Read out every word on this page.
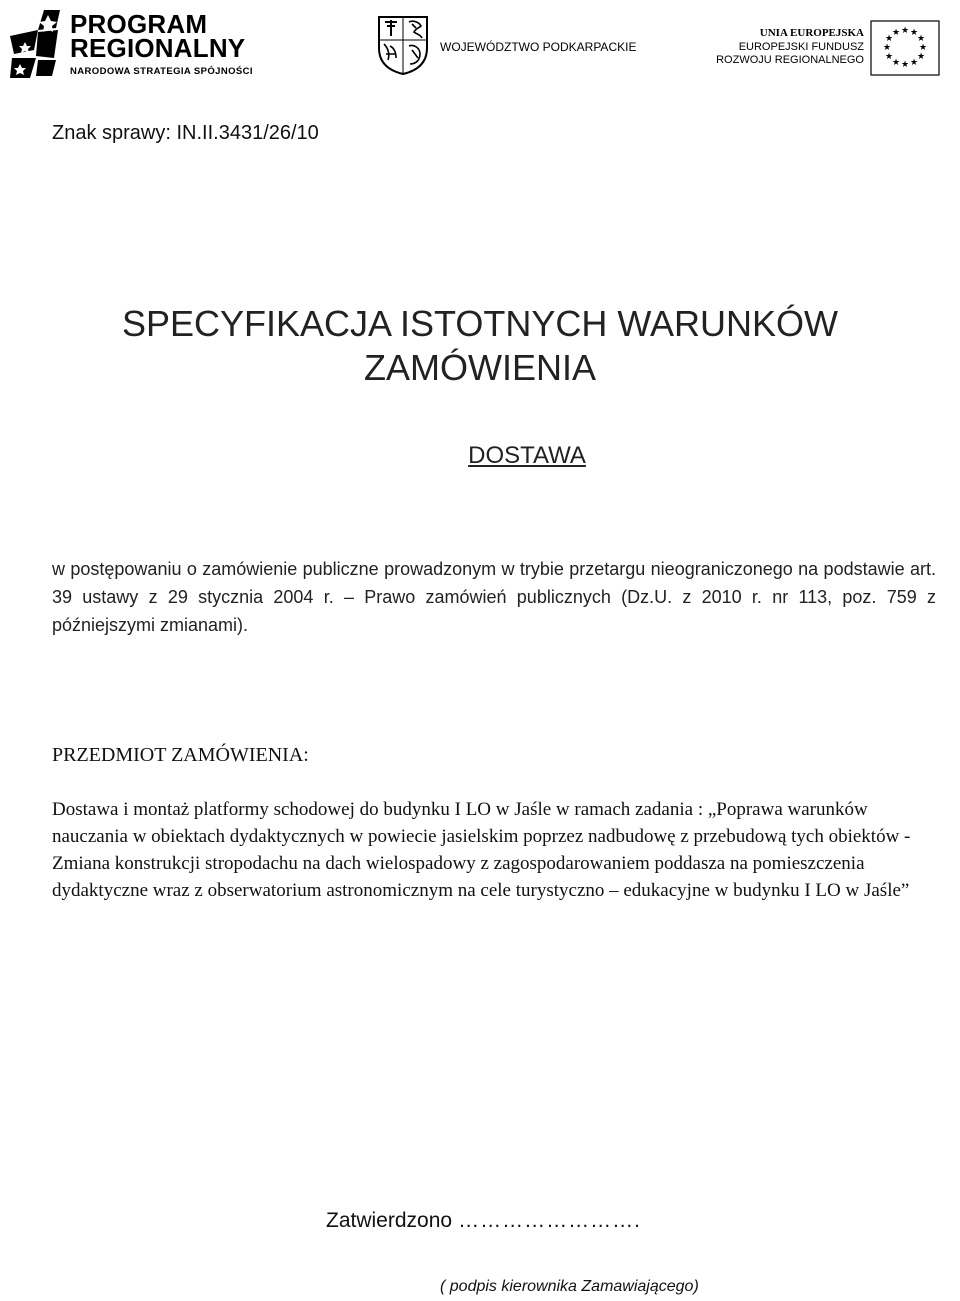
PROGRAM
REGIONALNY
NARODOWA STRATEGIA SPÓJNOŚCI
WOJEWÓDZTWO PODKARPACKIE
UNIA EUROPEJSKA
EUROPEJSKI FUNDUSZ
ROZWOJU REGIONALNEGO
★ ★
★
★
★
★
★
★
★
★
★
★
Znak sprawy: IN.II.3431/26/10
SPECYFIKACJA ISTOTNYCH WARUNKÓW
ZAMÓWIENIA
DOSTAWA
w postępowaniu o zamówienie publiczne prowadzonym w trybie przetargu nieograniczonego na podstawie art. 39 ustawy z 29 stycznia 2004 r. – Prawo zamówień publicznych (Dz.U. z 2010 r. nr 113, poz. 759 z późniejszymi zmianami).
PRZEDMIOT ZAMÓWIENIA:
Dostawa i montaż platformy schodowej do budynku I LO w Jaśle w ramach zadania : „Poprawa warunków nauczania w obiektach dydaktycznych w powiecie jasielskim poprzez nadbudowę z przebudową tych obiektów - Zmiana konstrukcji stropodachu na dach wielospadowy z zagospodarowaniem poddasza na pomieszczenia dydaktyczne wraz z obserwatorium astronomicznym na cele turystyczno – edukacyjne w budynku I LO w Jaśle”
Zatwierdzono …………………….
( podpis kierownika Zamawiającego)
